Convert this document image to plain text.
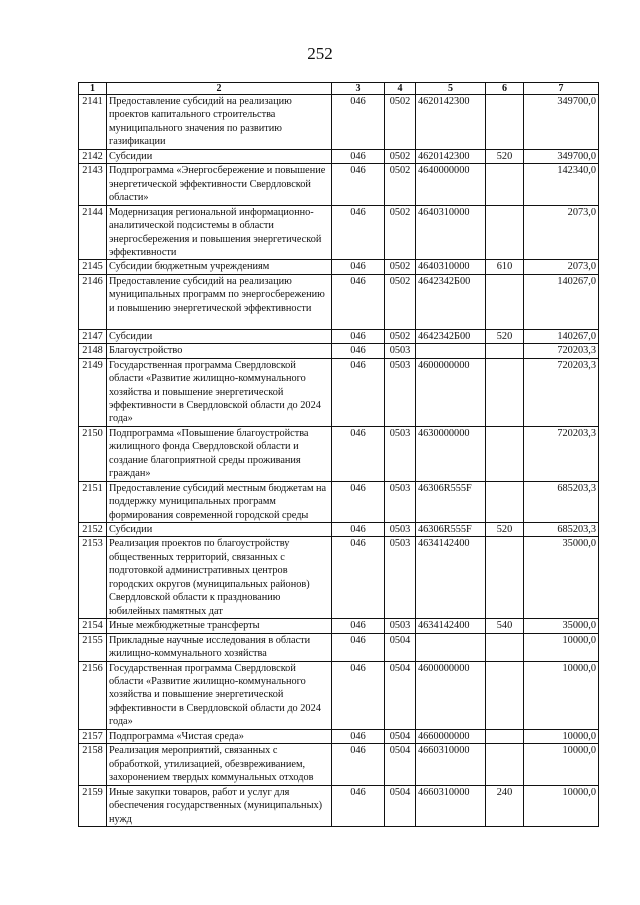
252
1	2	3	4	5	6	7
2141	Предоставление субсидий на реализацию проектов капитального строительства муниципального значения по развитию газификации	046	0502	4620142300		349700,0
2142	Субсидии	046	0502	4620142300	520	349700,0
2143	Подпрограмма «Энергосбережение и повышение энергетической эффективности Свердловской области»	046	0502	4640000000		142340,0
2144	Модернизация региональной информационно-аналитической подсистемы в области энергосбережения и повышения энергетической эффективности	046	0502	4640310000		2073,0
2145	Субсидии бюджетным учреждениям	046	0502	4640310000	610	2073,0
2146	Предоставление субсидий на реализацию муниципальных программ по энергосбережению и повышению энергетической эффективности	046	0502	4642342Б00		140267,0
2147	Субсидии	046	0502	4642342Б00	520	140267,0
2148	Благоустройство	046	0503			720203,3
2149	Государственная программа Свердловской области «Развитие жилищно-коммунального хозяйства и повышение энергетической эффективности в Свердловской области до 2024 года»	046	0503	4600000000		720203,3
2150	Подпрограмма «Повышение благоустройства жилищного фонда Свердловской области и создание благоприятной среды проживания граждан»	046	0503	4630000000		720203,3
2151	Предоставление субсидий местным бюджетам на поддержку муниципальных программ формирования современной городской среды	046	0503	46306R555F		685203,3
2152	Субсидии	046	0503	46306R555F	520	685203,3
2153	Реализация проектов по благоустройству общественных территорий, связанных с подготовкой административных центров городских округов (муниципальных районов) Свердловской области к празднованию юбилейных памятных дат	046	0503	4634142400		35000,0
2154	Иные межбюджетные трансферты	046	0503	4634142400	540	35000,0
2155	Прикладные научные исследования в области жилищно-коммунального хозяйства	046	0504			10000,0
2156	Государственная программа Свердловской области «Развитие жилищно-коммунального хозяйства и повышение энергетической эффективности в Свердловской области до 2024 года»	046	0504	4600000000		10000,0
2157	Подпрограмма «Чистая среда»	046	0504	4660000000		10000,0
2158	Реализация мероприятий, связанных с обработкой, утилизацией, обезвреживанием, захоронением твердых коммунальных отходов	046	0504	4660310000		10000,0
2159	Иные закупки товаров, работ и услуг для обеспечения государственных (муниципальных) нужд	046	0504	4660310000	240	10000,0
